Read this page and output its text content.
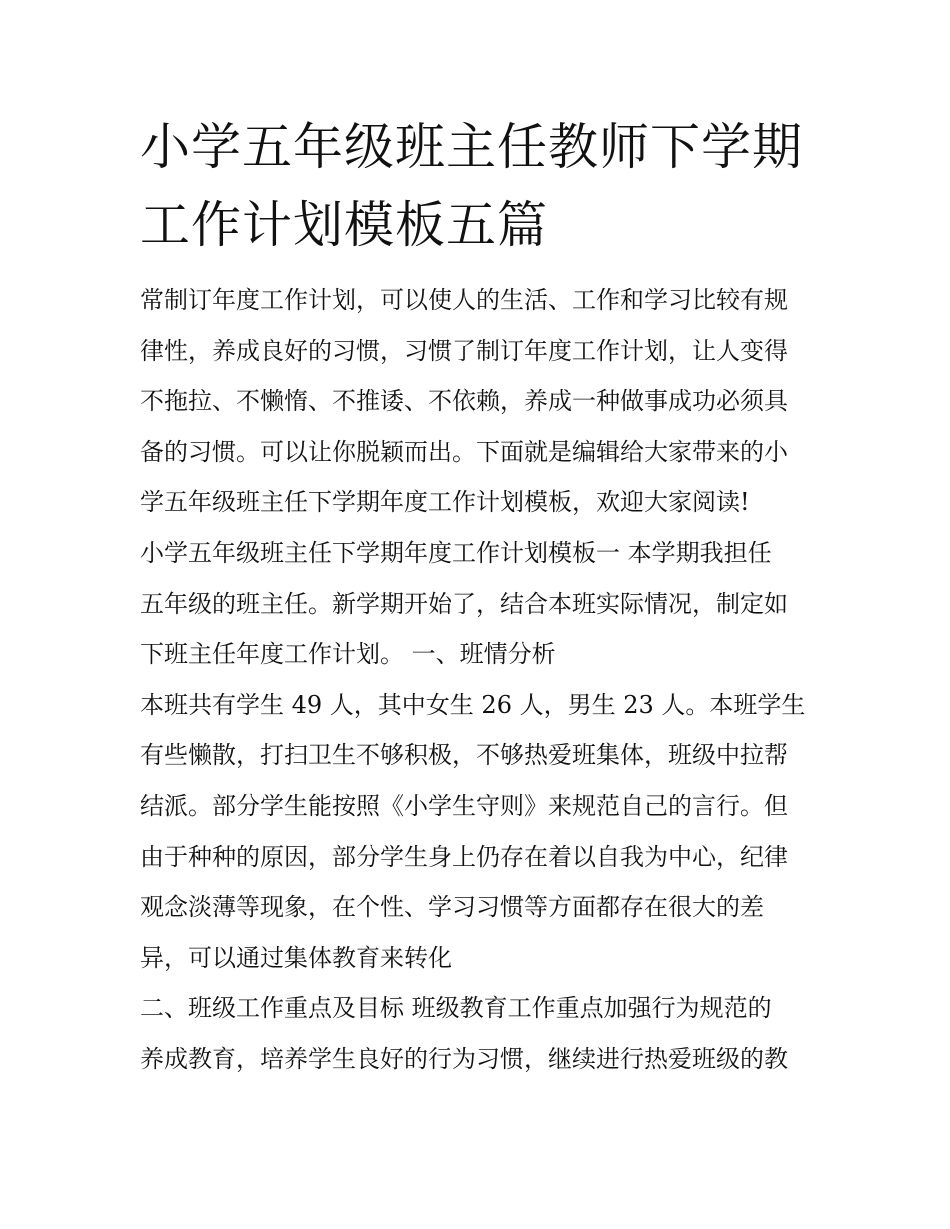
小学五年级班主任教师下学期
工作计划模板五篇
常制订年度工作计划，可以使人的生活、工作和学习比较有规
律性，养成良好的习惯，习惯了制订年度工作计划，让人变得
不拖拉、不懒惰、不推诿、不依赖，养成一种做事成功必须具
备的习惯。可以让你脱颖而出。下面就是编辑给大家带来的小
学五年级班主任下学期年度工作计划模板，欢迎大家阅读!
小学五年级班主任下学期年度工作计划模板一 本学期我担任
五年级的班主任。新学期开始了，结合本班实际情况，制定如
下班主任年度工作计划。 一、班情分析
本班共有学生 49 人，其中女生 26 人，男生 23 人。本班学生
有些懒散，打扫卫生不够积极，不够热爱班集体，班级中拉帮
结派。部分学生能按照《小学生守则》来规范自己的言行。但
由于种种的原因，部分学生身上仍存在着以自我为中心，纪律
观念淡薄等现象，在个性、学习习惯等方面都存在很大的差
异，可以通过集体教育来转化
二、班级工作重点及目标 班级教育工作重点加强行为规范的
养成教育，培养学生良好的行为习惯，继续进行热爱班级的教
